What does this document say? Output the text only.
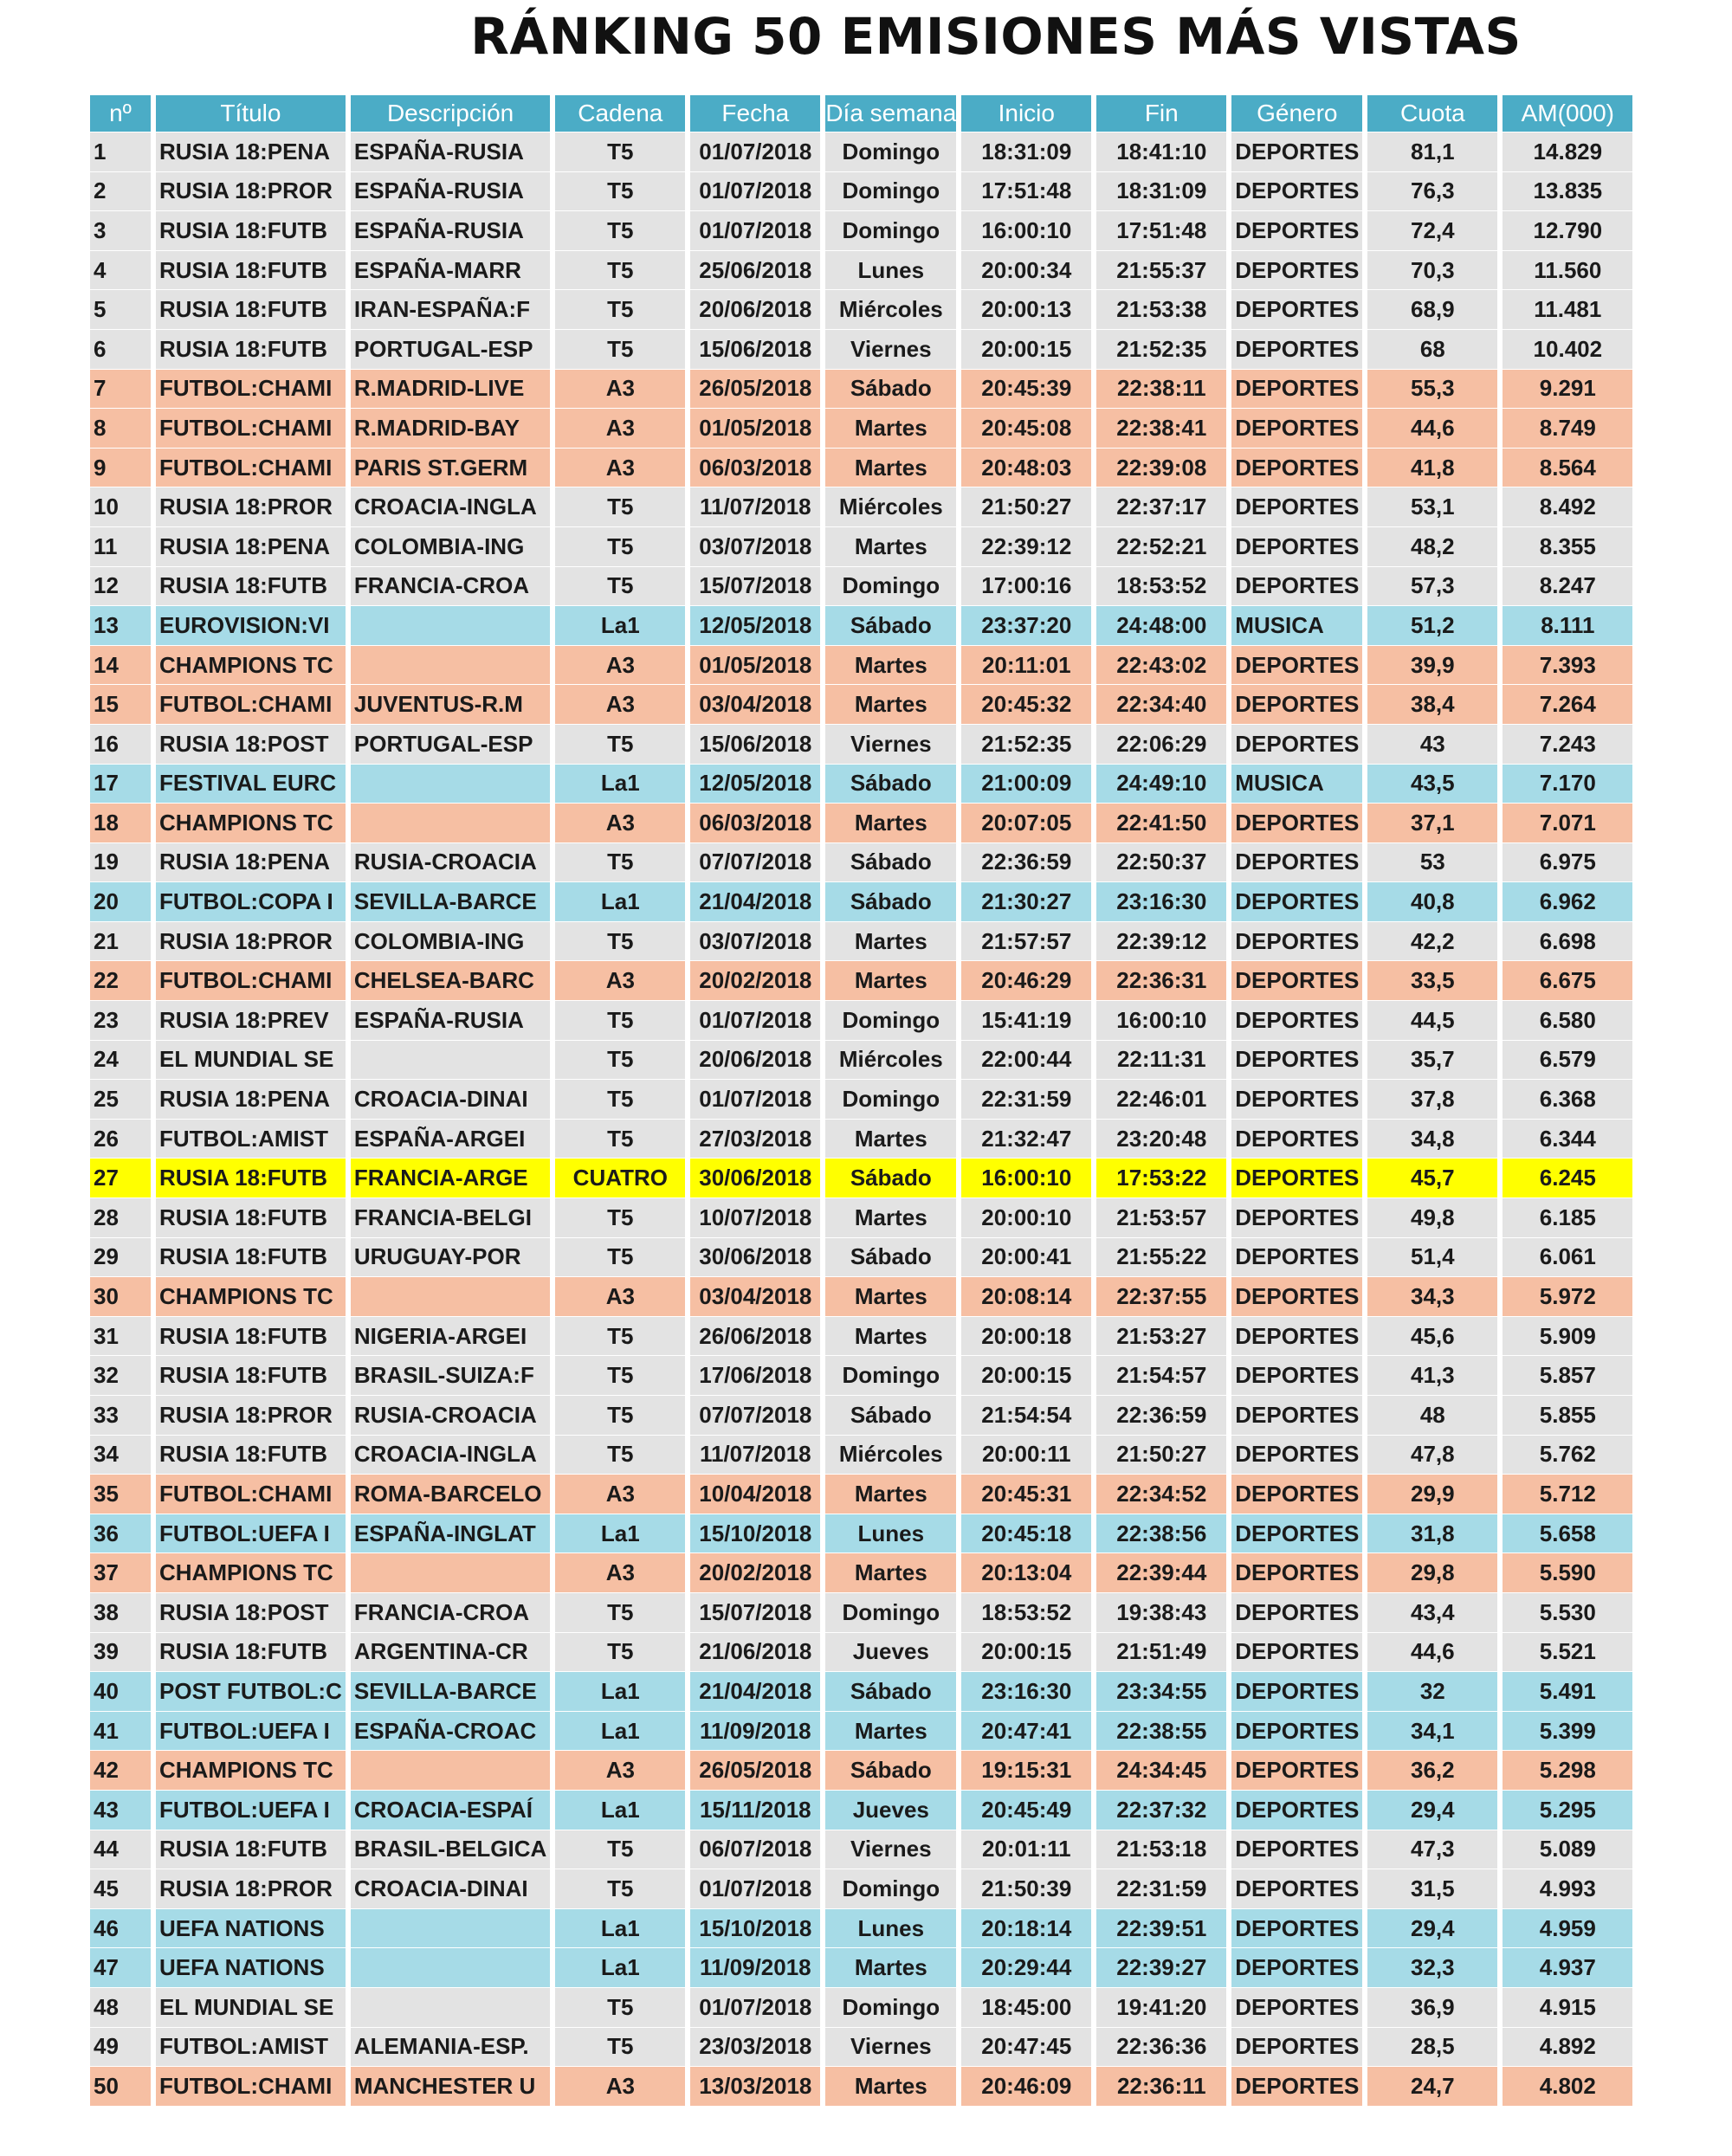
RÁNKING 50 EMISIONES MÁS VISTAS
nº	Título	Descripción	Cadena	Fecha	Día semana	Inicio	Fin	Género	Cuota	AM(000)
1	RUSIA 18:PENA	ESPAÑA-RUSIA	T5	01/07/2018	Domingo	18:31:09	18:41:10	DEPORTES	81,1	14.829
2	RUSIA 18:PROR	ESPAÑA-RUSIA	T5	01/07/2018	Domingo	17:51:48	18:31:09	DEPORTES	76,3	13.835
3	RUSIA 18:FUTB	ESPAÑA-RUSIA	T5	01/07/2018	Domingo	16:00:10	17:51:48	DEPORTES	72,4	12.790
4	RUSIA 18:FUTB	ESPAÑA-MARR	T5	25/06/2018	Lunes	20:00:34	21:55:37	DEPORTES	70,3	11.560
5	RUSIA 18:FUTB	IRAN-ESPAÑA:F	T5	20/06/2018	Miércoles	20:00:13	21:53:38	DEPORTES	68,9	11.481
6	RUSIA 18:FUTB	PORTUGAL-ESP	T5	15/06/2018	Viernes	20:00:15	21:52:35	DEPORTES	68	10.402
7	FUTBOL:CHAMI	R.MADRID-LIVE	A3	26/05/2018	Sábado	20:45:39	22:38:11	DEPORTES	55,3	9.291
8	FUTBOL:CHAMI	R.MADRID-BAY	A3	01/05/2018	Martes	20:45:08	22:38:41	DEPORTES	44,6	8.749
9	FUTBOL:CHAMI	PARIS ST.GERM	A3	06/03/2018	Martes	20:48:03	22:39:08	DEPORTES	41,8	8.564
10	RUSIA 18:PROR	CROACIA-INGLA	T5	11/07/2018	Miércoles	21:50:27	22:37:17	DEPORTES	53,1	8.492
11	RUSIA 18:PENA	COLOMBIA-ING	T5	03/07/2018	Martes	22:39:12	22:52:21	DEPORTES	48,2	8.355
12	RUSIA 18:FUTB	FRANCIA-CROA	T5	15/07/2018	Domingo	17:00:16	18:53:52	DEPORTES	57,3	8.247
13	EUROVISION:VI		La1	12/05/2018	Sábado	23:37:20	24:48:00	MUSICA	51,2	8.111
14	CHAMPIONS TC		A3	01/05/2018	Martes	20:11:01	22:43:02	DEPORTES	39,9	7.393
15	FUTBOL:CHAMI	JUVENTUS-R.M	A3	03/04/2018	Martes	20:45:32	22:34:40	DEPORTES	38,4	7.264
16	RUSIA 18:POST	PORTUGAL-ESP	T5	15/06/2018	Viernes	21:52:35	22:06:29	DEPORTES	43	7.243
17	FESTIVAL EURC		La1	12/05/2018	Sábado	21:00:09	24:49:10	MUSICA	43,5	7.170
18	CHAMPIONS TC		A3	06/03/2018	Martes	20:07:05	22:41:50	DEPORTES	37,1	7.071
19	RUSIA 18:PENA	RUSIA-CROACIA	T5	07/07/2018	Sábado	22:36:59	22:50:37	DEPORTES	53	6.975
20	FUTBOL:COPA I	SEVILLA-BARCE	La1	21/04/2018	Sábado	21:30:27	23:16:30	DEPORTES	40,8	6.962
21	RUSIA 18:PROR	COLOMBIA-ING	T5	03/07/2018	Martes	21:57:57	22:39:12	DEPORTES	42,2	6.698
22	FUTBOL:CHAMI	CHELSEA-BARC	A3	20/02/2018	Martes	20:46:29	22:36:31	DEPORTES	33,5	6.675
23	RUSIA 18:PREV	ESPAÑA-RUSIA	T5	01/07/2018	Domingo	15:41:19	16:00:10	DEPORTES	44,5	6.580
24	EL MUNDIAL SE		T5	20/06/2018	Miércoles	22:00:44	22:11:31	DEPORTES	35,7	6.579
25	RUSIA 18:PENA	CROACIA-DINAI	T5	01/07/2018	Domingo	22:31:59	22:46:01	DEPORTES	37,8	6.368
26	FUTBOL:AMIST	ESPAÑA-ARGEI	T5	27/03/2018	Martes	21:32:47	23:20:48	DEPORTES	34,8	6.344
27	RUSIA 18:FUTB	FRANCIA-ARGE	CUATRO	30/06/2018	Sábado	16:00:10	17:53:22	DEPORTES	45,7	6.245
28	RUSIA 18:FUTB	FRANCIA-BELGI	T5	10/07/2018	Martes	20:00:10	21:53:57	DEPORTES	49,8	6.185
29	RUSIA 18:FUTB	URUGUAY-POR	T5	30/06/2018	Sábado	20:00:41	21:55:22	DEPORTES	51,4	6.061
30	CHAMPIONS TC		A3	03/04/2018	Martes	20:08:14	22:37:55	DEPORTES	34,3	5.972
31	RUSIA 18:FUTB	NIGERIA-ARGEI	T5	26/06/2018	Martes	20:00:18	21:53:27	DEPORTES	45,6	5.909
32	RUSIA 18:FUTB	BRASIL-SUIZA:F	T5	17/06/2018	Domingo	20:00:15	21:54:57	DEPORTES	41,3	5.857
33	RUSIA 18:PROR	RUSIA-CROACIA	T5	07/07/2018	Sábado	21:54:54	22:36:59	DEPORTES	48	5.855
34	RUSIA 18:FUTB	CROACIA-INGLA	T5	11/07/2018	Miércoles	20:00:11	21:50:27	DEPORTES	47,8	5.762
35	FUTBOL:CHAMI	ROMA-BARCELO	A3	10/04/2018	Martes	20:45:31	22:34:52	DEPORTES	29,9	5.712
36	FUTBOL:UEFA I	ESPAÑA-INGLAT	La1	15/10/2018	Lunes	20:45:18	22:38:56	DEPORTES	31,8	5.658
37	CHAMPIONS TC		A3	20/02/2018	Martes	20:13:04	22:39:44	DEPORTES	29,8	5.590
38	RUSIA 18:POST	FRANCIA-CROA	T5	15/07/2018	Domingo	18:53:52	19:38:43	DEPORTES	43,4	5.530
39	RUSIA 18:FUTB	ARGENTINA-CR	T5	21/06/2018	Jueves	20:00:15	21:51:49	DEPORTES	44,6	5.521
40	POST FUTBOL:C	SEVILLA-BARCE	La1	21/04/2018	Sábado	23:16:30	23:34:55	DEPORTES	32	5.491
41	FUTBOL:UEFA I	ESPAÑA-CROAC	La1	11/09/2018	Martes	20:47:41	22:38:55	DEPORTES	34,1	5.399
42	CHAMPIONS TC		A3	26/05/2018	Sábado	19:15:31	24:34:45	DEPORTES	36,2	5.298
43	FUTBOL:UEFA I	CROACIA-ESPAÍ	La1	15/11/2018	Jueves	20:45:49	22:37:32	DEPORTES	29,4	5.295
44	RUSIA 18:FUTB	BRASIL-BELGICA	T5	06/07/2018	Viernes	20:01:11	21:53:18	DEPORTES	47,3	5.089
45	RUSIA 18:PROR	CROACIA-DINAI	T5	01/07/2018	Domingo	21:50:39	22:31:59	DEPORTES	31,5	4.993
46	UEFA NATIONS		La1	15/10/2018	Lunes	20:18:14	22:39:51	DEPORTES	29,4	4.959
47	UEFA NATIONS		La1	11/09/2018	Martes	20:29:44	22:39:27	DEPORTES	32,3	4.937
48	EL MUNDIAL SE		T5	01/07/2018	Domingo	18:45:00	19:41:20	DEPORTES	36,9	4.915
49	FUTBOL:AMIST	ALEMANIA-ESP.	T5	23/03/2018	Viernes	20:47:45	22:36:36	DEPORTES	28,5	4.892
50	FUTBOL:CHAMI	MANCHESTER U	A3	13/03/2018	Martes	20:46:09	22:36:11	DEPORTES	24,7	4.802
